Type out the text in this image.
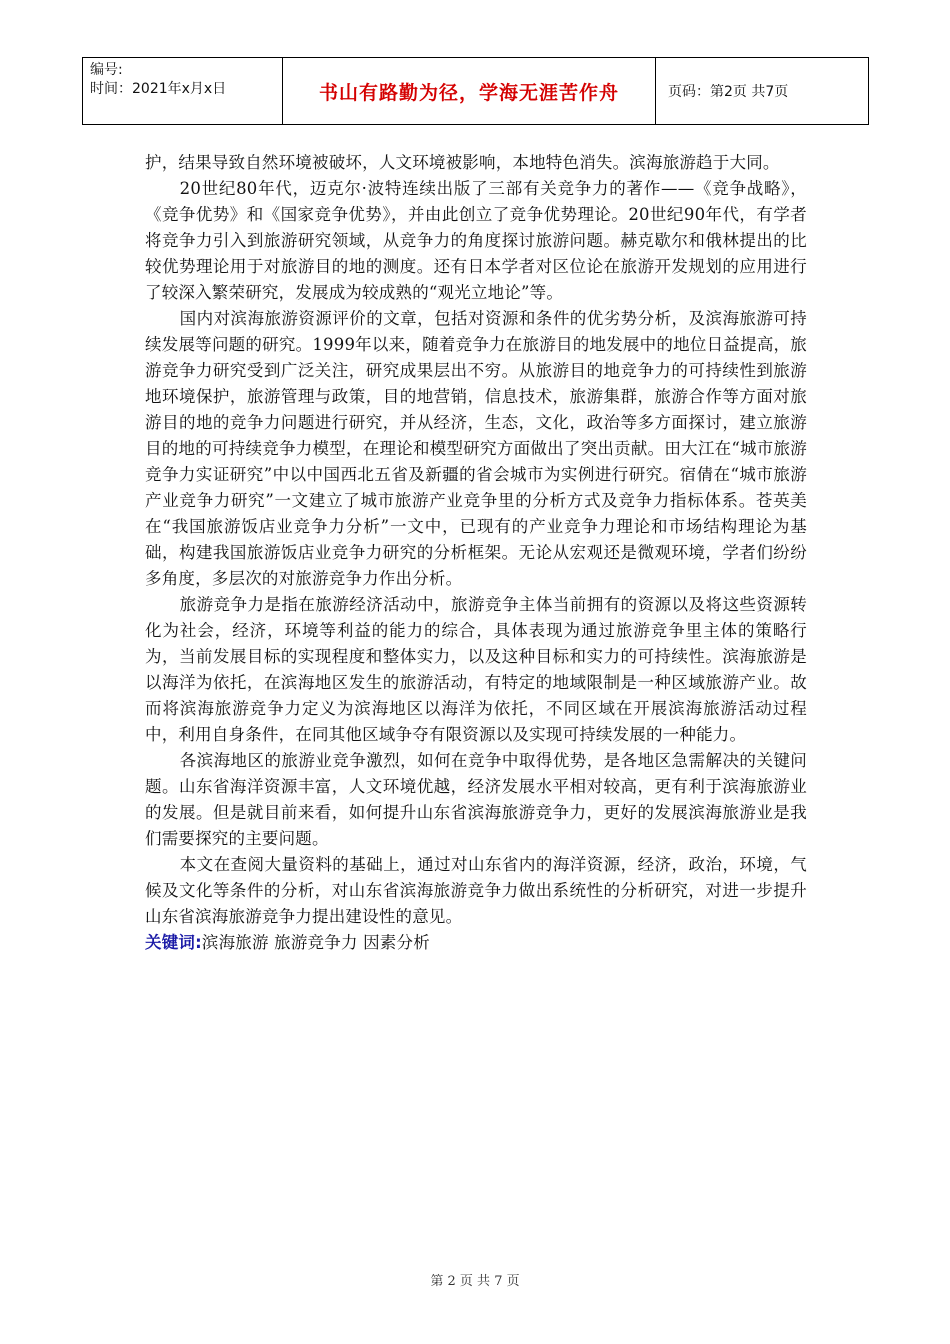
编号:
时间：2021年x月x日	书山有路勤为径，学海无涯苦作舟	页码：第2页 共7页

护，结果导致自然环境被破坏，人文环境被影响，本地特色消失。滨海旅游趋于大同。

20世纪80年代，迈克尔·波特连续出版了三部有关竞争力的著作——《竞争战略》，《竞争优势》和《国家竞争优势》，并由此创立了竞争优势理论。20世纪90年代，有学者将竞争力引入到旅游研究领域，从竞争力的角度探讨旅游问题。赫克歇尔和俄林提出的比较优势理论用于对旅游目的地的测度。还有日本学者对区位论在旅游开发规划的应用进行了较深入繁荣研究，发展成为较成熟的“观光立地论”等。

国内对滨海旅游资源评价的文章，包括对资源和条件的优劣势分析，及滨海旅游可持续发展等问题的研究。1999年以来，随着竞争力在旅游目的地发展中的地位日益提高，旅游竞争力研究受到广泛关注，研究成果层出不穷。从旅游目的地竞争力的可持续性到旅游地环境保护，旅游管理与政策，目的地营销，信息技术，旅游集群，旅游合作等方面对旅游目的地的竞争力问题进行研究，并从经济，生态，文化，政治等多方面探讨，建立旅游目的地的可持续竞争力模型，在理论和模型研究方面做出了突出贡献。田大江在“城市旅游竞争力实证研究”中以中国西北五省及新疆的省会城市为实例进行研究。宿倩在“城市旅游产业竞争力研究”一文建立了城市旅游产业竞争里的分析方式及竞争力指标体系。苍英美在“我国旅游饭店业竞争力分析”一文中，已现有的产业竞争力理论和市场结构理论为基础，构建我国旅游饭店业竞争力研究的分析框架。无论从宏观还是微观环境，学者们纷纷多角度，多层次的对旅游竞争力作出分析。

旅游竞争力是指在旅游经济活动中，旅游竞争主体当前拥有的资源以及将这些资源转化为社会，经济，环境等利益的能力的综合，具体表现为通过旅游竞争里主体的策略行为，当前发展目标的实现程度和整体实力，以及这种目标和实力的可持续性。滨海旅游是以海洋为依托，在滨海地区发生的旅游活动，有特定的地域限制是一种区域旅游产业。故而将滨海旅游竞争力定义为滨海地区以海洋为依托，不同区域在开展滨海旅游活动过程中，利用自身条件，在同其他区域争夺有限资源以及实现可持续发展的一种能力。

各滨海地区的旅游业竞争激烈，如何在竞争中取得优势，是各地区急需解决的关键问题。山东省海洋资源丰富，人文环境优越，经济发展水平相对较高，更有利于滨海旅游业的发展。但是就目前来看，如何提升山东省滨海旅游竞争力，更好的发展滨海旅游业是我们需要探究的主要问题。

本文在查阅大量资料的基础上，通过对山东省内的海洋资源，经济，政治，环境，气候及文化等条件的分析，对山东省滨海旅游竞争力做出系统性的分析研究，对进一步提升山东省滨海旅游竞争力提出建设性的意见。

关键词:滨海旅游 旅游竞争力 因素分析

第 2 页 共 7 页
